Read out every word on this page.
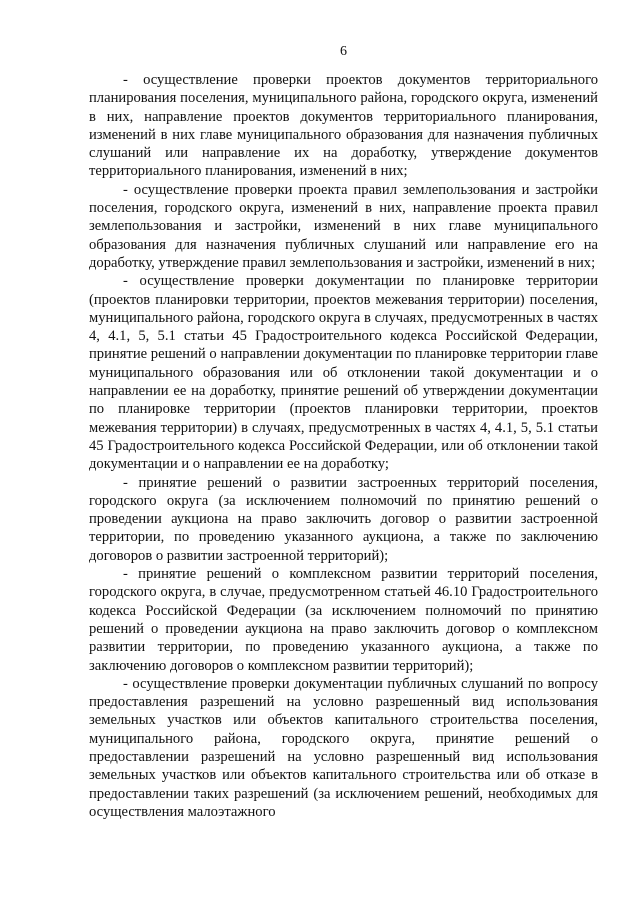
6

- осуществление проверки проектов документов территориального планирования поселения, муниципального района, городского округа, изменений в них, направление проектов документов территориального планирования, изменений в них главе муниципального образования для назначения публичных слушаний или направление их на доработку, утверждение документов территориального планирования, изменений в них;

- осуществление проверки проекта правил землепользования и застройки поселения, городского округа, изменений в них, направление проекта правил землепользования и застройки, изменений в них главе муниципального образования для назначения публичных слушаний или направление его на доработку, утверждение правил землепользования и застройки, изменений в них;

- осуществление проверки документации по планировке территории (проектов планировки территории, проектов межевания территории) поселения, муниципального района, городского округа в случаях, предусмотренных в частях 4, 4.1, 5, 5.1 статьи 45 Градостроительного кодекса Российской Федерации, принятие решений о направлении документации по планировке территории главе муниципального образования или об отклонении такой документации и о направлении ее на доработку, принятие решений об утверждении документации по планировке территории (проектов планировки территории, проектов межевания территории) в случаях, предусмотренных в частях 4, 4.1, 5, 5.1 статьи 45 Градостроительного кодекса Российской Федерации, или об отклонении такой документации и о направлении ее на доработку;

- принятие решений о развитии застроенных территорий поселения, городского округа (за исключением полномочий по принятию решений о проведении аукциона на право заключить договор о развитии застроенной территории, по проведению указанного аукциона, а также по заключению договоров о развитии застроенной территорий);

- принятие решений о комплексном развитии территорий поселения, городского округа, в случае, предусмотренном статьей 46.10 Градостроительного кодекса Российской Федерации (за исключением полномочий по принятию решений о проведении аукциона на право заключить договор о комплексном развитии территории, по проведению указанного аукциона, а также по заключению договоров о комплексном развитии территорий);

- осуществление проверки документации публичных слушаний по вопросу предоставления разрешений на условно разрешенный вид использования земельных участков или объектов капитального строительства поселения, муниципального района, городского округа, принятие решений о предоставлении разрешений на условно разрешенный вид использования земельных участков или объектов капитального строительства или об отказе в предоставлении таких разрешений (за исключением решений, необходимых для осуществления малоэтажного
